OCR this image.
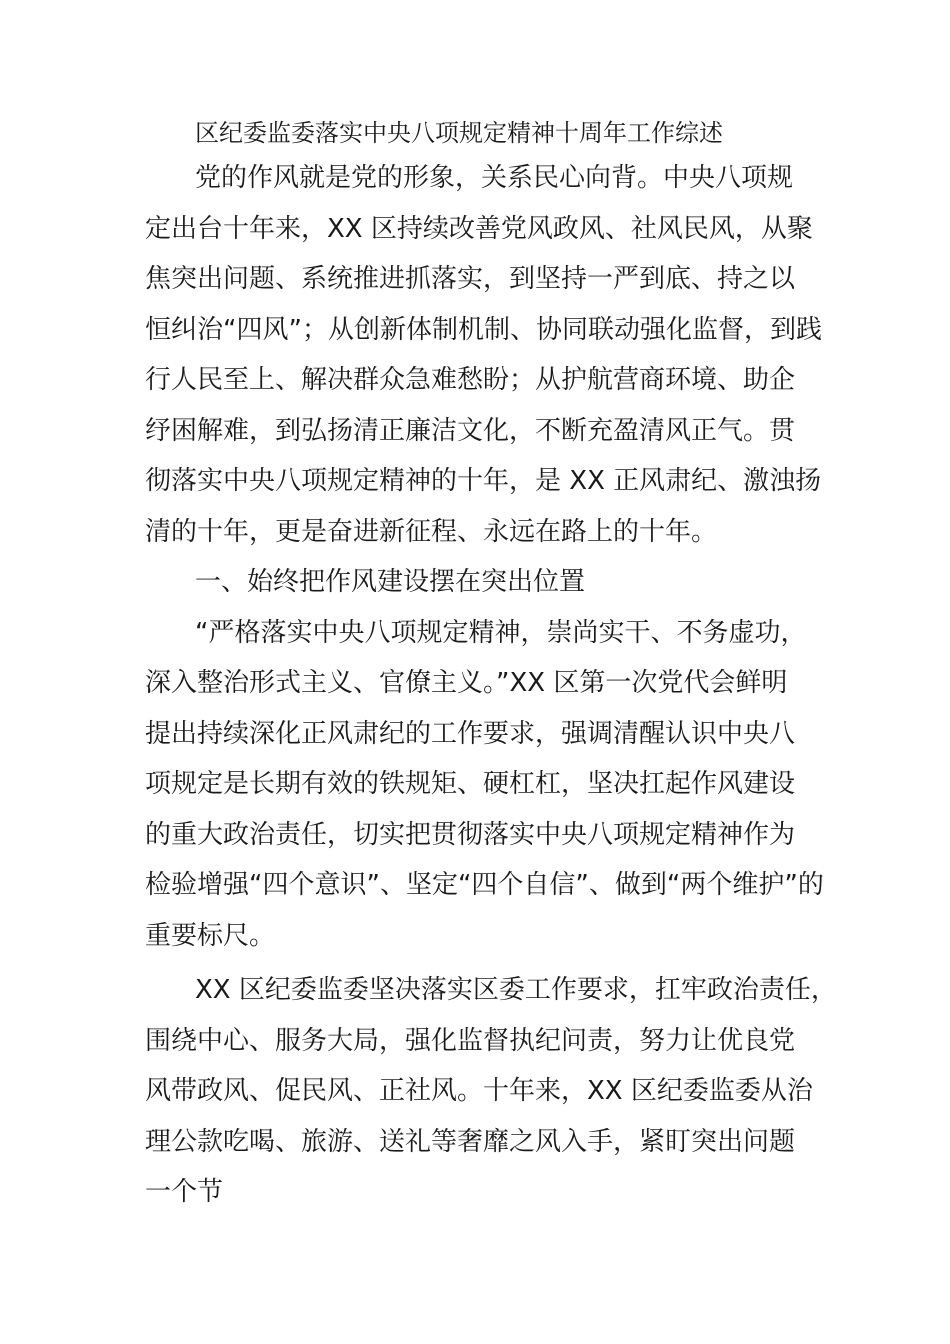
区纪委监委落实中央八项规定精神十周年工作综述

党的作风就是党的形象，关系民心向背。中央八项规
定出台十年来，XX 区持续改善党风政风、社风民风，从聚
焦突出问题、系统推进抓落实，到坚持一严到底、持之以
恒纠治“四风”；从创新体制机制、协同联动强化监督，到践
行人民至上、解决群众急难愁盼；从护航营商环境、助企
纾困解难，到弘扬清正廉洁文化，不断充盈清风正气。贯
彻落实中央八项规定精神的十年，是 XX 正风肃纪、激浊扬
清的十年，更是奋进新征程、永远在路上的十年。

一、始终把作风建设摆在突出位置

“严格落实中央八项规定精神，崇尚实干、不务虚功，
深入整治形式主义、官僚主义。”XX 区第一次党代会鲜明
提出持续深化正风肃纪的工作要求，强调清醒认识中央八
项规定是长期有效的铁规矩、硬杠杠，坚决扛起作风建设
的重大政治责任，切实把贯彻落实中央八项规定精神作为
检验增强“四个意识”、坚定“四个自信”、做到“两个维护”的
重要标尺。

XX 区纪委监委坚决落实区委工作要求，扛牢政治责任，
围绕中心、服务大局，强化监督执纪问责，努力让优良党
风带政风、促民风、正社风。十年来，XX 区纪委监委从治
理公款吃喝、旅游、送礼等奢靡之风入手，紧盯突出问题
一个节
